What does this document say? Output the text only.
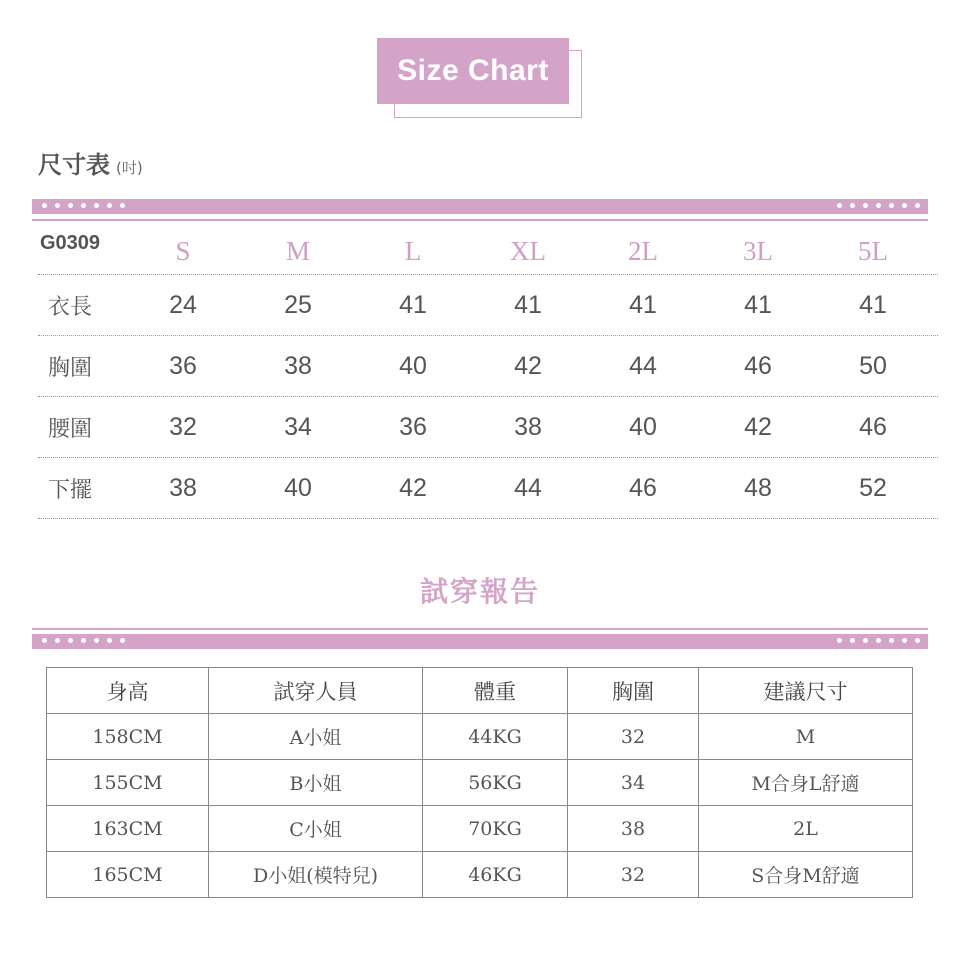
Size Chart
尺寸表 (吋)
G0309	S	M	L	XL	2L	3L	5L
衣長	24	25	41	41	41	41	41
胸圍	36	38	40	42	44	46	50
腰圍	32	34	36	38	40	42	46
下擺	38	40	42	44	46	48	52
試穿報告
身高	試穿人員	體重	胸圍	建議尺寸
158CM	A小姐	44KG	32	M
155CM	B小姐	56KG	34	M合身L舒適
163CM	C小姐	70KG	38	2L
165CM	D小姐(模特兒)	46KG	32	S合身M舒適
